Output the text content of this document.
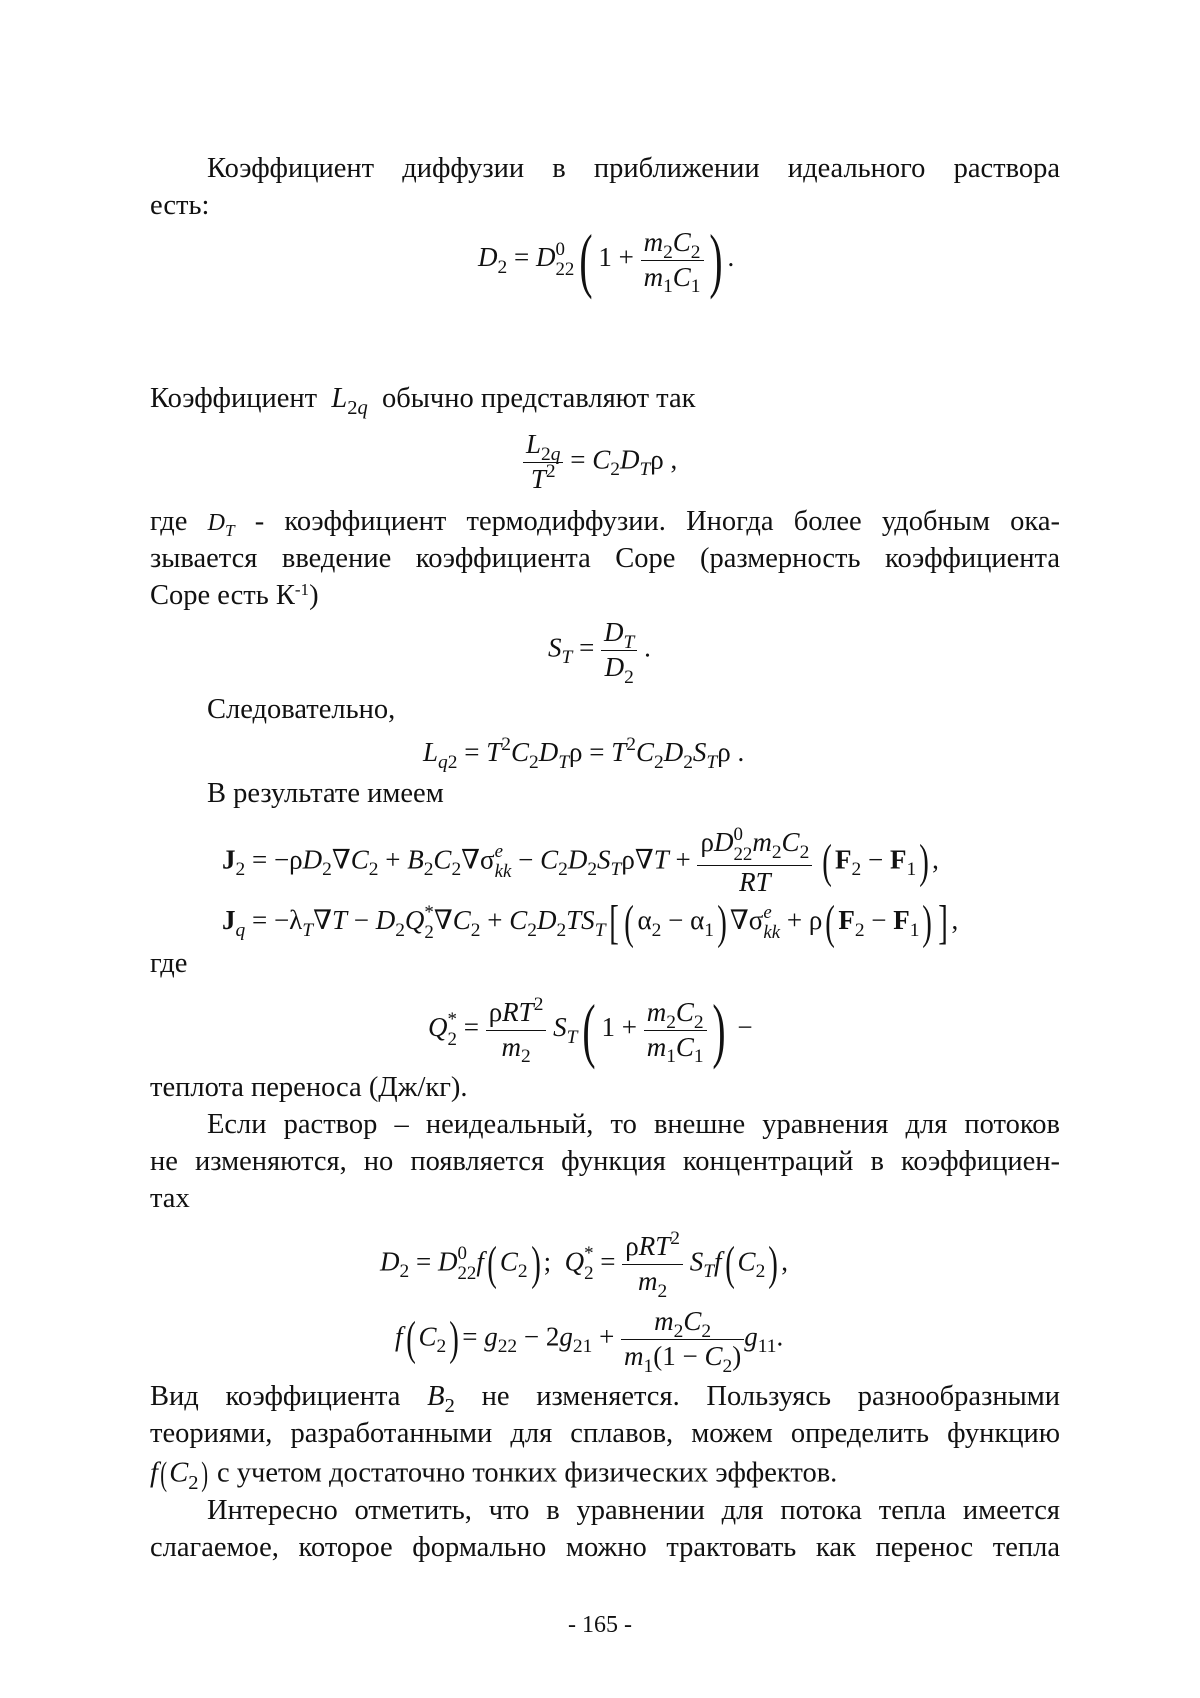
Коэффициент диффузии в приближении идеального раствора
есть:
$D_2 = D0$
22( $1 + \frac{m_2C_2}{m_1C_1}$ ) .
Коэффициент  $L_{2q}$ обычно представляют так
$\frac{L_{2q}}{T^2} = C_2D_T\rho$ ,
где $D_T$ - коэффициент термодиффузии. Иногда более удобным ока-
зывается введение коэффициента Соре (размерность коэффициента
Соре есть $К^{-1}$)
$S_T = \frac{D_T}{D_2}$ .
Следовательно,
$L_{q2} = T^2C_2D_T\rho = T^2C_2D_2S_T\rho$ .
В результате имеем
$J_2 = -\rho D_2\nabla C_2 + B_2C_2\nabla\sigma e$
kk − $C_2D_2S_T\rho\nabla T$ +
ρD0
$22m_2C_2$
RT	( $F_2 - F_1$) ,
$J_q = -\lambda_T\nabla T - D_2Q*$
$2\nabla C_2 + C_2D_2TS_T$[ ( $\alpha_2 - \alpha_1$) ∇σe
kk + ρ( $F_2 - F_1$) ] ,
где
Q*
$2 = \frac{\rho RT^2}{m_2} S_T$( $1 + \frac{m_2C_2}{m_1C_1}$ ) −
теплота переноса (Дж/кг).
Если раствор – неидеальный, то внешне уравнения для потоков
не изменяются, но появляется функция концентраций в коэффициен-
тах
$D_2 = D0$
22f( $C_2$) ;  Q*
$2 = \frac{\rho RT^2}{m_2} S_Tf$( $C_2$) ,
f( $C_2) = g_{22} - 2g_{21} + \frac{m_2C_2}{m_1(1 - C_2)} g_{11}$.
Вид коэффициента $B_2$ не изменяется. Пользуясь разнообразными
теориями, разработанными для сплавов, можем определить функцию
$f(C_2)$ с учетом достаточно тонких физических эффектов.
Интересно отметить, что в уравнении для потока тепла имеется
слагаемое, которое формально можно трактовать как перенос тепла
- 165 -
